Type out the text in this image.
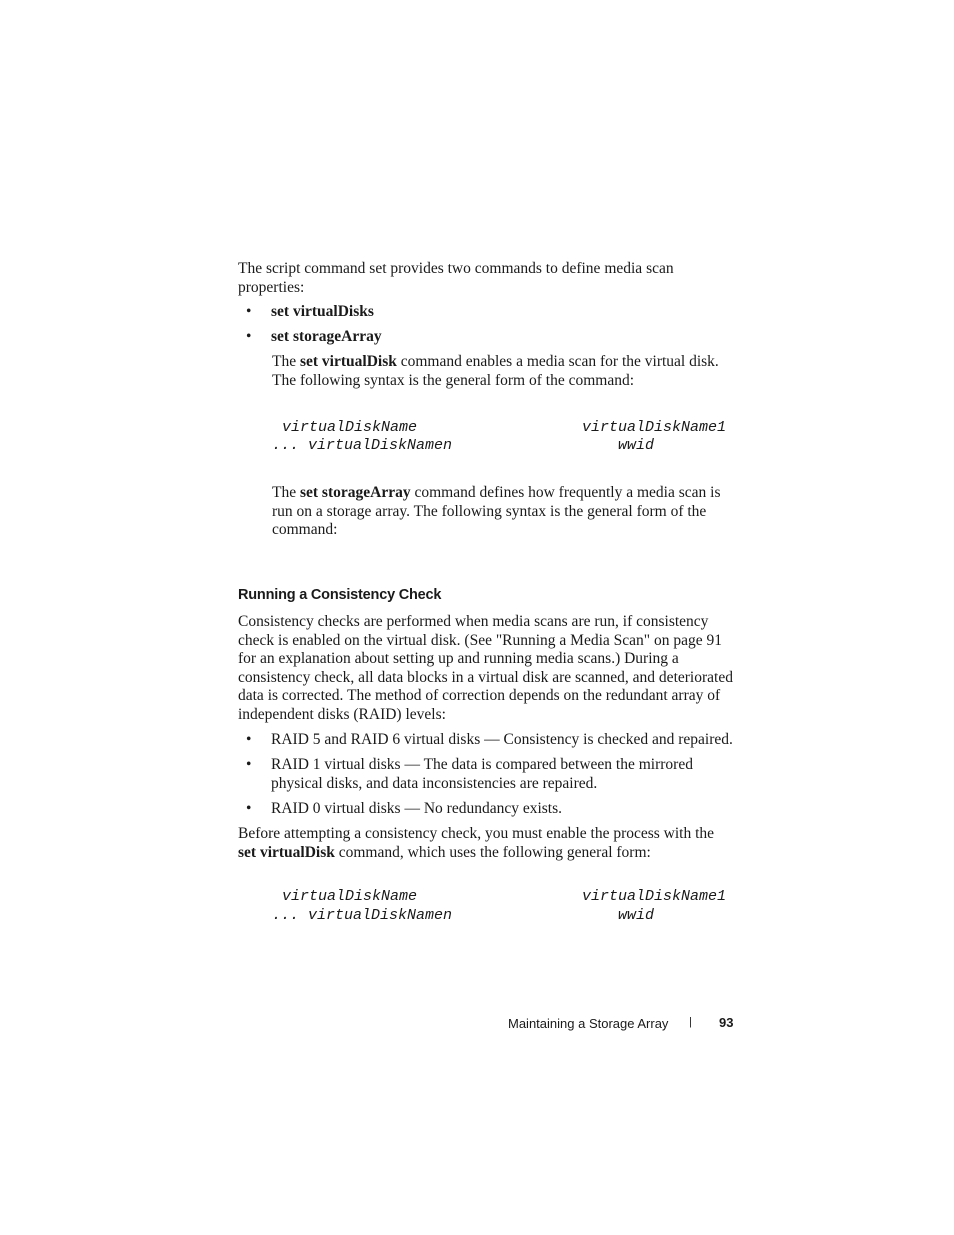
The script command set provides two commands to define media scan
properties:
• set virtualDisks
• set storageArray
The set virtualDisk command enables a media scan for the virtual disk.
The following syntax is the general form of the command:
virtualDiskName	virtualDiskName1
... virtualDiskNamen	wwid
The set storageArray command defines how frequently a media scan is
run on a storage array. The following syntax is the general form of the
command:
Running a Consistency Check
Consistency checks are performed when media scans are run, if consistency
check is enabled on the virtual disk. (See "Running a Media Scan" on page 91
for an explanation about setting up and running media scans.) During a
consistency check, all data blocks in a virtual disk are scanned, and deteriorated
data is corrected. The method of correction depends on the redundant array of
independent disks (RAID) levels:
• RAID 5 and RAID 6 virtual disks — Consistency is checked and repaired.
• RAID 1 virtual disks — The data is compared between the mirrored
physical disks, and data inconsistencies are repaired.
• RAID 0 virtual disks — No redundancy exists.
Before attempting a consistency check, you must enable the process with the
set virtualDisk command, which uses the following general form:
virtualDiskName	virtualDiskName1
... virtualDiskNamen	wwid
Maintaining a Storage Array | 93
